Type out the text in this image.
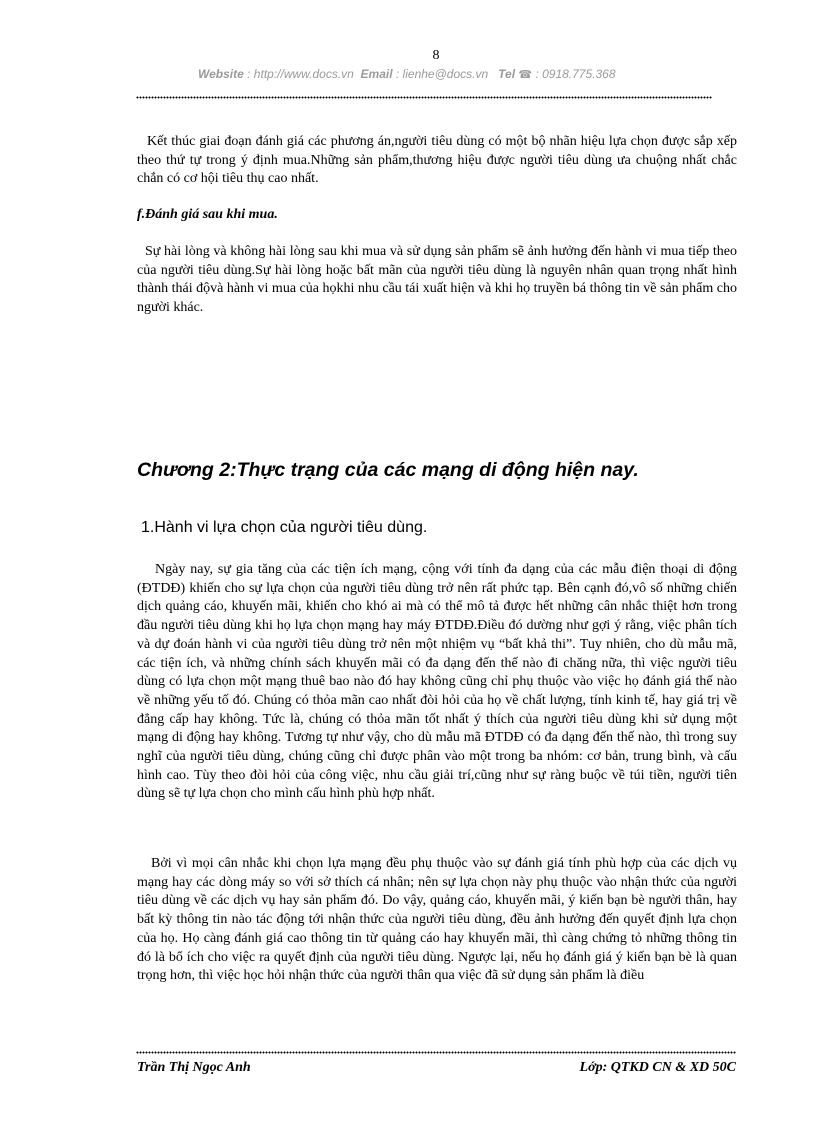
8
Website : http://www.docs.vn Email : lienhe@docs.vn Tel ☎ : 0918.775.368

Kết thúc giai đoạn đánh giá các phương án,người tiêu dùng có một bộ nhãn hiệu lựa chọn được sắp xếp theo thứ tự trong ý định mua.Những sản phẩm,thương hiệu được người tiêu dùng ưa chuộng nhất chắc chắn có cơ hội tiêu thụ cao nhất.

f.Đánh giá sau khi mua.

Sự hài lòng và không hài lòng sau khi mua và sử dụng sản phẩm sẽ ảnh hưởng đến hành vi mua tiếp theo của người tiêu dùng.Sự hài lòng hoặc bất mãn của người tiêu dùng là nguyên nhân quan trọng nhất hình thành thái độvà hành vi mua của họkhi nhu cầu tái xuất hiện và khi họ truyền bá thông tin về sản phẩm cho người khác.

Chương 2:Thực trạng của các mạng di động hiện nay.
1.Hành vi lựa chọn của người tiêu dùng.

Ngày nay, sự gia tăng của các tiện ích mạng, cộng với tính đa dạng của các mẫu điện thoại di động (ĐTDĐ) khiến cho sự lựa chọn của người tiêu dùng trở nên rất phức tạp. Bên cạnh đó,vô số những chiến dịch quảng cáo, khuyến mãi, khiến cho khó ai mà có thể mô tả được hết những cân nhắc thiệt hơn trong đầu người tiêu dùng khi họ lựa chọn mạng hay máy ĐTDĐ.Điều đó dường như gợi ý rằng, việc phân tích và dự đoán hành vi của người tiêu dùng trở nên một nhiệm vụ “bất khả thi”. Tuy nhiên, cho dù mẫu mã, các tiện ích, và những chính sách khuyến mãi có đa dạng đến thế nào đi chăng nữa, thì việc người tiêu dùng có lựa chọn một mạng thuê bao nào đó hay không cũng chỉ phụ thuộc vào việc họ đánh giá thế nào về những yếu tố đó. Chúng có thỏa mãn cao nhất đòi hỏi của họ về chất lượng, tính kinh tế, hay giá trị về đẳng cấp hay không. Tức là, chúng có thỏa mãn tốt nhất ý thích của người tiêu dùng khi sử dụng một mạng di động hay không. Tương tự như vậy, cho dù mẫu mã ĐTDĐ có đa dạng đến thế nào, thì trong suy nghĩ của người tiêu dùng, chúng cũng chỉ được phân vào một trong ba nhóm: cơ bản, trung bình, và cấu hình cao. Tùy theo đòi hỏi của công việc, nhu cầu giải trí,cũng như sự ràng buộc về túi tiền, người tiên dùng sẽ tự lựa chọn cho mình cấu hình phù hợp nhất.

Bởi vì mọi cân nhắc khi chọn lựa mạng đều phụ thuộc vào sự đánh giá tính phù hợp của các dịch vụ mạng hay các dòng máy so với sở thích cá nhân; nên sự lựa chọn này phụ thuộc vào nhận thức của người tiêu dùng về các dịch vụ hay sản phẩm đó. Do vậy, quảng cáo, khuyến mãi, ý kiến bạn bè người thân, hay bất kỳ thông tin nào tác động tới nhận thức của người tiêu dùng, đều ảnh hưởng đến quyết định lựa chọn của họ. Họ càng đánh giá cao thông tin từ quảng cáo hay khuyến mãi, thì càng chứng tỏ những thông tin đó là bổ ích cho việc ra quyết định của người tiêu dùng. Ngược lại, nếu họ đánh giá ý kiến bạn bè là quan trọng hơn, thì việc học hỏi nhận thức của người thân qua việc đã sử dụng sản phẩm là điều

Trần Thị Ngọc Anh	Lớp: QTKD CN & XD 50C
